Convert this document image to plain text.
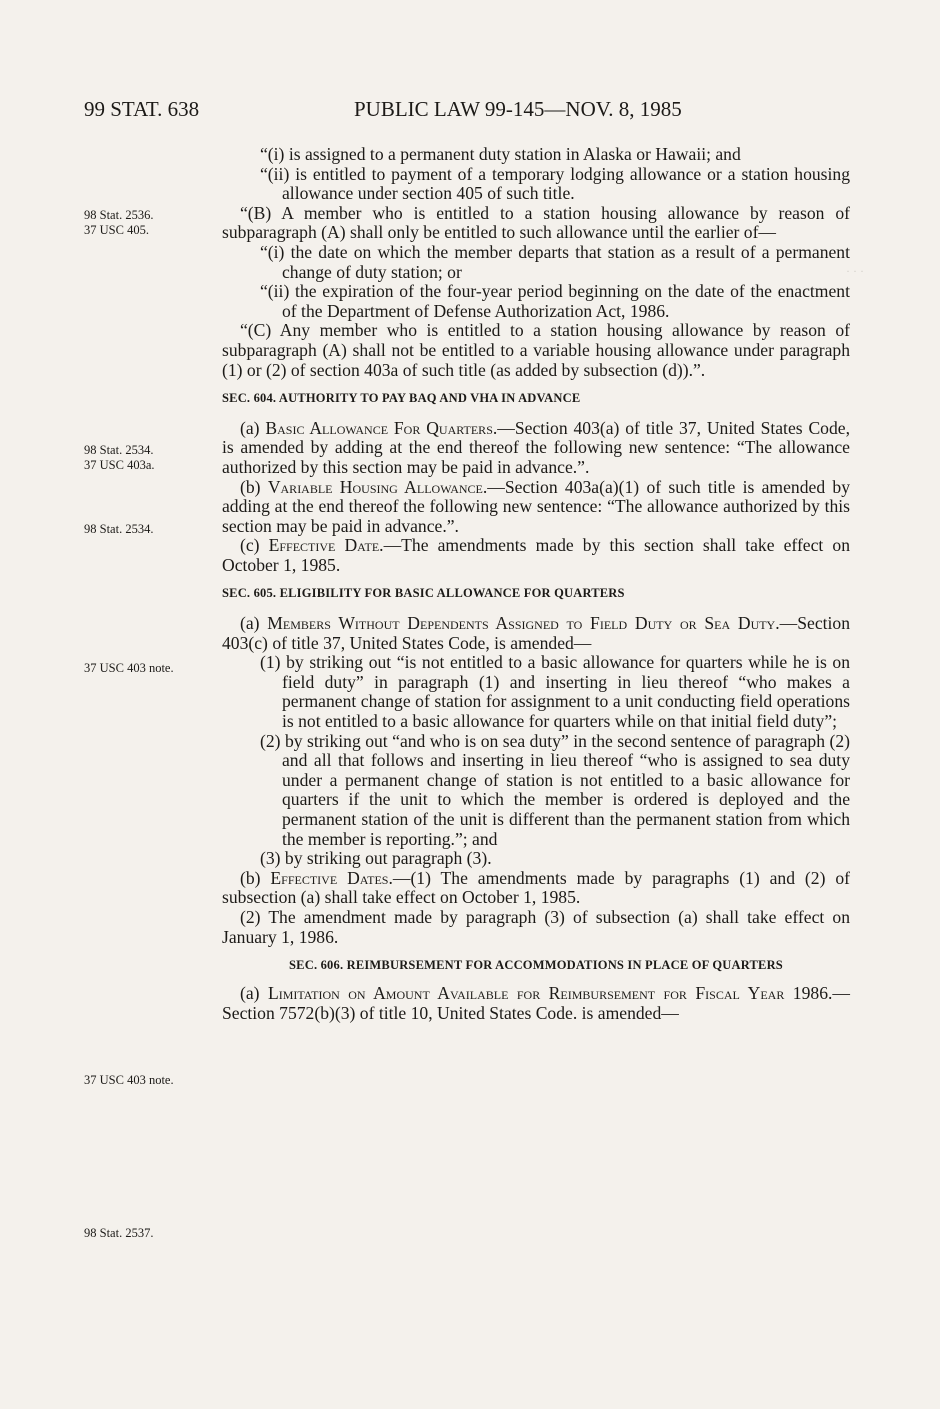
99 STAT. 638	PUBLIC LAW 99-145—NOV. 8, 1985
· · ·
98 Stat. 2536.
37 USC 405.
98 Stat. 2534.
37 USC 403a.
98 Stat. 2534.
37 USC 403 note.
37 USC 403 note.
98 Stat. 2537.

“(i) is assigned to a permanent duty station in Alaska or Hawaii; and

“(ii) is entitled to payment of a temporary lodging allowance or a station housing allowance under section 405 of such title.

“(B) A member who is entitled to a station housing allowance by reason of subparagraph (A) shall only be entitled to such allowance until the earlier of—

“(i) the date on which the member departs that station as a result of a permanent change of duty station; or

“(ii) the expiration of the four-year period beginning on the date of the enactment of the Department of Defense Authorization Act, 1986.

“(C) Any member who is entitled to a station housing allowance by reason of subparagraph (A) shall not be entitled to a variable housing allowance under paragraph (1) or (2) of section 403a of such title (as added by subsection (d)).”.

SEC. 604. AUTHORITY TO PAY BAQ AND VHA IN ADVANCE

(a) Basic Allowance For Quarters.—Section 403(a) of title 37, United States Code, is amended by adding at the end thereof the following new sentence: “The allowance authorized by this section may be paid in advance.”.

(b) Variable Housing Allowance.—Section 403a(a)(1) of such title is amended by adding at the end thereof the following new sentence: “The allowance authorized by this section may be paid in advance.”.

(c) Effective Date.—The amendments made by this section shall take effect on October 1, 1985.

SEC. 605. ELIGIBILITY FOR BASIC ALLOWANCE FOR QUARTERS

(a) Members Without Dependents Assigned to Field Duty or Sea Duty.—Section 403(c) of title 37, United States Code, is amended—

(1) by striking out “is not entitled to a basic allowance for quarters while he is on field duty” in paragraph (1) and inserting in lieu thereof “who makes a permanent change of station for assignment to a unit conducting field operations is not entitled to a basic allowance for quarters while on that initial field duty”;

(2) by striking out “and who is on sea duty” in the second sentence of paragraph (2) and all that follows and inserting in lieu thereof “who is assigned to sea duty under a permanent change of station is not entitled to a basic allowance for quarters if the unit to which the member is ordered is deployed and the permanent station of the unit is different than the permanent station from which the member is reporting.”; and

(3) by striking out paragraph (3).

(b) Effective Dates.—(1) The amendments made by paragraphs (1) and (2) of subsection (a) shall take effect on October 1, 1985.

(2) The amendment made by paragraph (3) of subsection (a) shall take effect on January 1, 1986.

SEC. 606. REIMBURSEMENT FOR ACCOMMODATIONS IN PLACE OF QUARTERS

(a) Limitation on Amount Available for Reimbursement for Fiscal Year 1986.—Section 7572(b)(3) of title 10, United States Code. is amended—
